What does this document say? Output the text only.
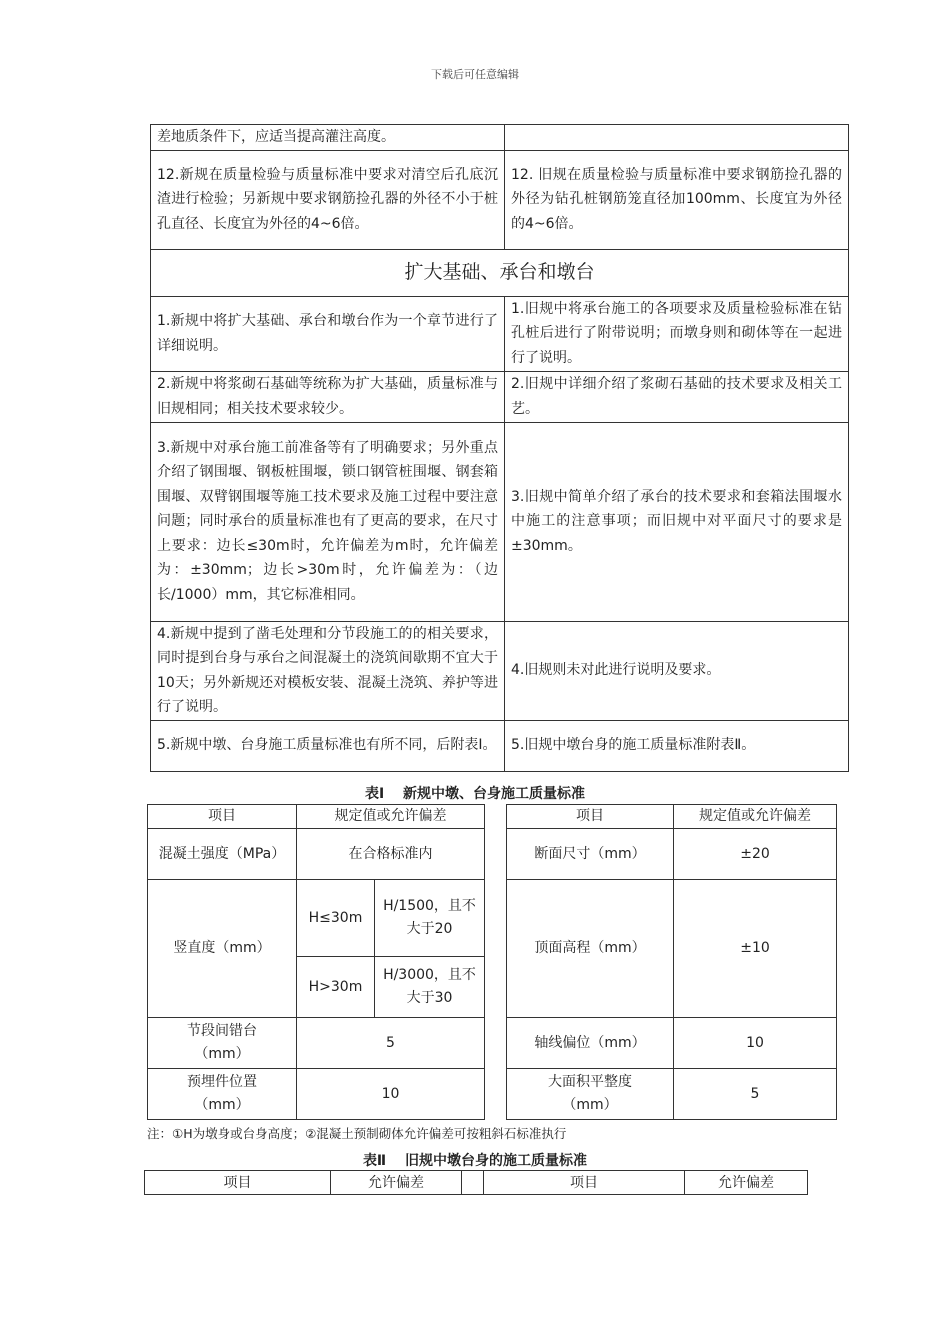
下载后可任意编辑
差地质条件下，应适当提高灌注高度。	
12.新规在质量检验与质量标准中要求对清空后孔底沉渣进行检验；另新规中要求钢筋捡孔器的外径不小于桩孔直径、长度宜为外径的4~6倍。	12. 旧规在质量检验与质量标准中要求钢筋捡孔器的外径为钻孔桩钢筋笼直径加100mm、长度宜为外径的4~6倍。
扩大基础、承台和墩台	
1.新规中将扩大基础、承台和墩台作为一个章节进行了详细说明。	1.旧规中将承台施工的各项要求及质量检验标准在钻孔桩后进行了附带说明；而墩身则和砌体等在一起进行了说明。
2.新规中将浆砌石基础等统称为扩大基础，质量标准与旧规相同；相关技术要求较少。	2.旧规中详细介绍了浆砌石基础的技术要求及相关工艺。
3.新规中对承台施工前准备等有了明确要求；另外重点介绍了钢围堰、钢板桩围堰，锁口钢管桩围堰、钢套箱围堰、双臂钢围堰等施工技术要求及施工过程中要注意问题；同时承台的质量标准也有了更高的要求，在尺寸上要求：边长≤30m时，允许偏差为m时，允许偏差为：±30mm；边长>30m时，允许偏差为：（边长/1000）mm，其它标准相同。	3.旧规中简单介绍了承台的技术要求和套箱法围堰水中施工的注意事项；而旧规中对平面尺寸的要求是±30mm。
4.新规中提到了凿毛处理和分节段施工的的相关要求，同时提到台身与承台之间混凝土的浇筑间歇期不宜大于10天；另外新规还对模板安装、混凝土浇筑、养护等进行了说明。	4.旧规则未对此进行说明及要求。
5.新规中墩、台身施工质量标准也有所不同，后附表Ⅰ。	5.旧规中墩台身的施工质量标准附表Ⅱ。
表Ⅰ　 新规中墩、台身施工质量标准
项目	规定值或允许偏差			项目	规定值或允许偏差
混凝土强度（MPa）	在合格标准内			断面尺寸（mm）	±20
竖直度（mm）	H≤30m	H/1500，且不大于20		顶面高程（mm）	±10
	H>30m	H/3000，且不大于30			
节段间错台（mm）	5			轴线偏位（mm）	10
预埋件位置（mm）	10			大面积平整度（mm）	5
注：①H为墩身或台身高度；②混凝土预制砌体允许偏差可按粗斜石标准执行
表Ⅱ　 旧规中墩台身的施工质量标准
项目	允许偏差		项目	允许偏差
